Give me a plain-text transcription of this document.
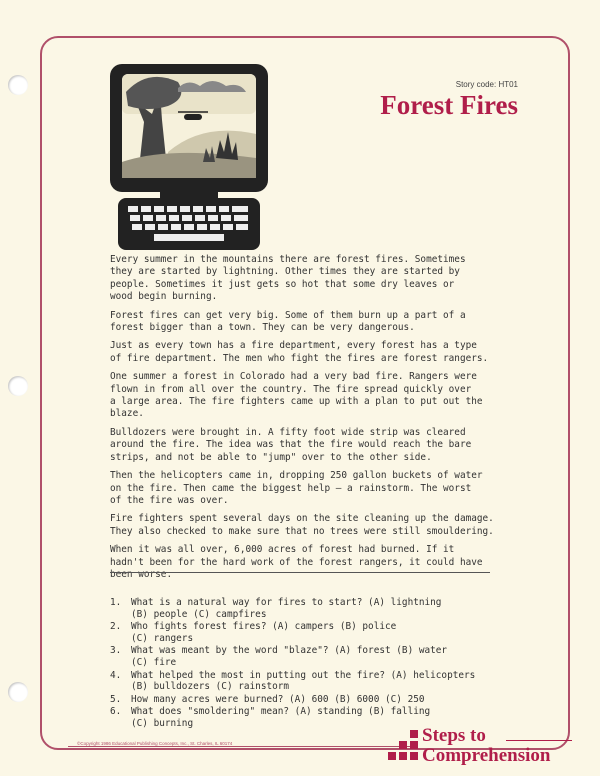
Story code: HT01
Forest Fires

Every summer in the mountains there are forest fires. Sometimes
they are started by lightning. Other times they are started by
people. Sometimes it just gets so hot that some dry leaves or
wood begin burning.

Forest fires can get very big. Some of them burn up a part of a
forest bigger than a town. They can be very dangerous.

Just as every town has a fire department, every forest has a type
of fire department. The men who fight the fires are forest rangers.

One summer a forest in Colorado had a very bad fire. Rangers were
flown in from all over the country. The fire spread quickly over
a large area. The fire fighters came up with a plan to put out the
blaze.

Bulldozers were brought in. A fifty foot wide strip was cleared
around the fire. The idea was that the fire would reach the bare
strips, and not be able to "jump" over to the other side.

Then the helicopters came in, dropping 250 gallon buckets of water
on the fire. Then came the biggest help — a rainstorm. The worst
of the fire was over.

Fire fighters spent several days on the site cleaning up the damage.
They also checked to make sure that no trees were still smouldering.

When it was all over, 6,000 acres of forest had burned. If it
hadn't been for the hard work of the forest rangers, it could have
been worse.

1.	What is a natural way for fires to start? (A) lightning
(B) people (C) campfires
2.	Who fights forest fires? (A) campers (B) police
(C) rangers
3.	What was meant by the word "blaze"? (A) forest (B) water
(C) fire
4.	What helped the most in putting out the fire? (A) helicopters
(B) bulldozers (C) rainstorm
5.	How many acres were burned? (A) 600 (B) 6000 (C) 250
6.	What does "smoldering" mean? (A) standing (B) falling
(C) burning
©Copyright 1986 Educational Publishing Concepts, Inc., St. Charles, IL 60174	Steps to
Comprehension
